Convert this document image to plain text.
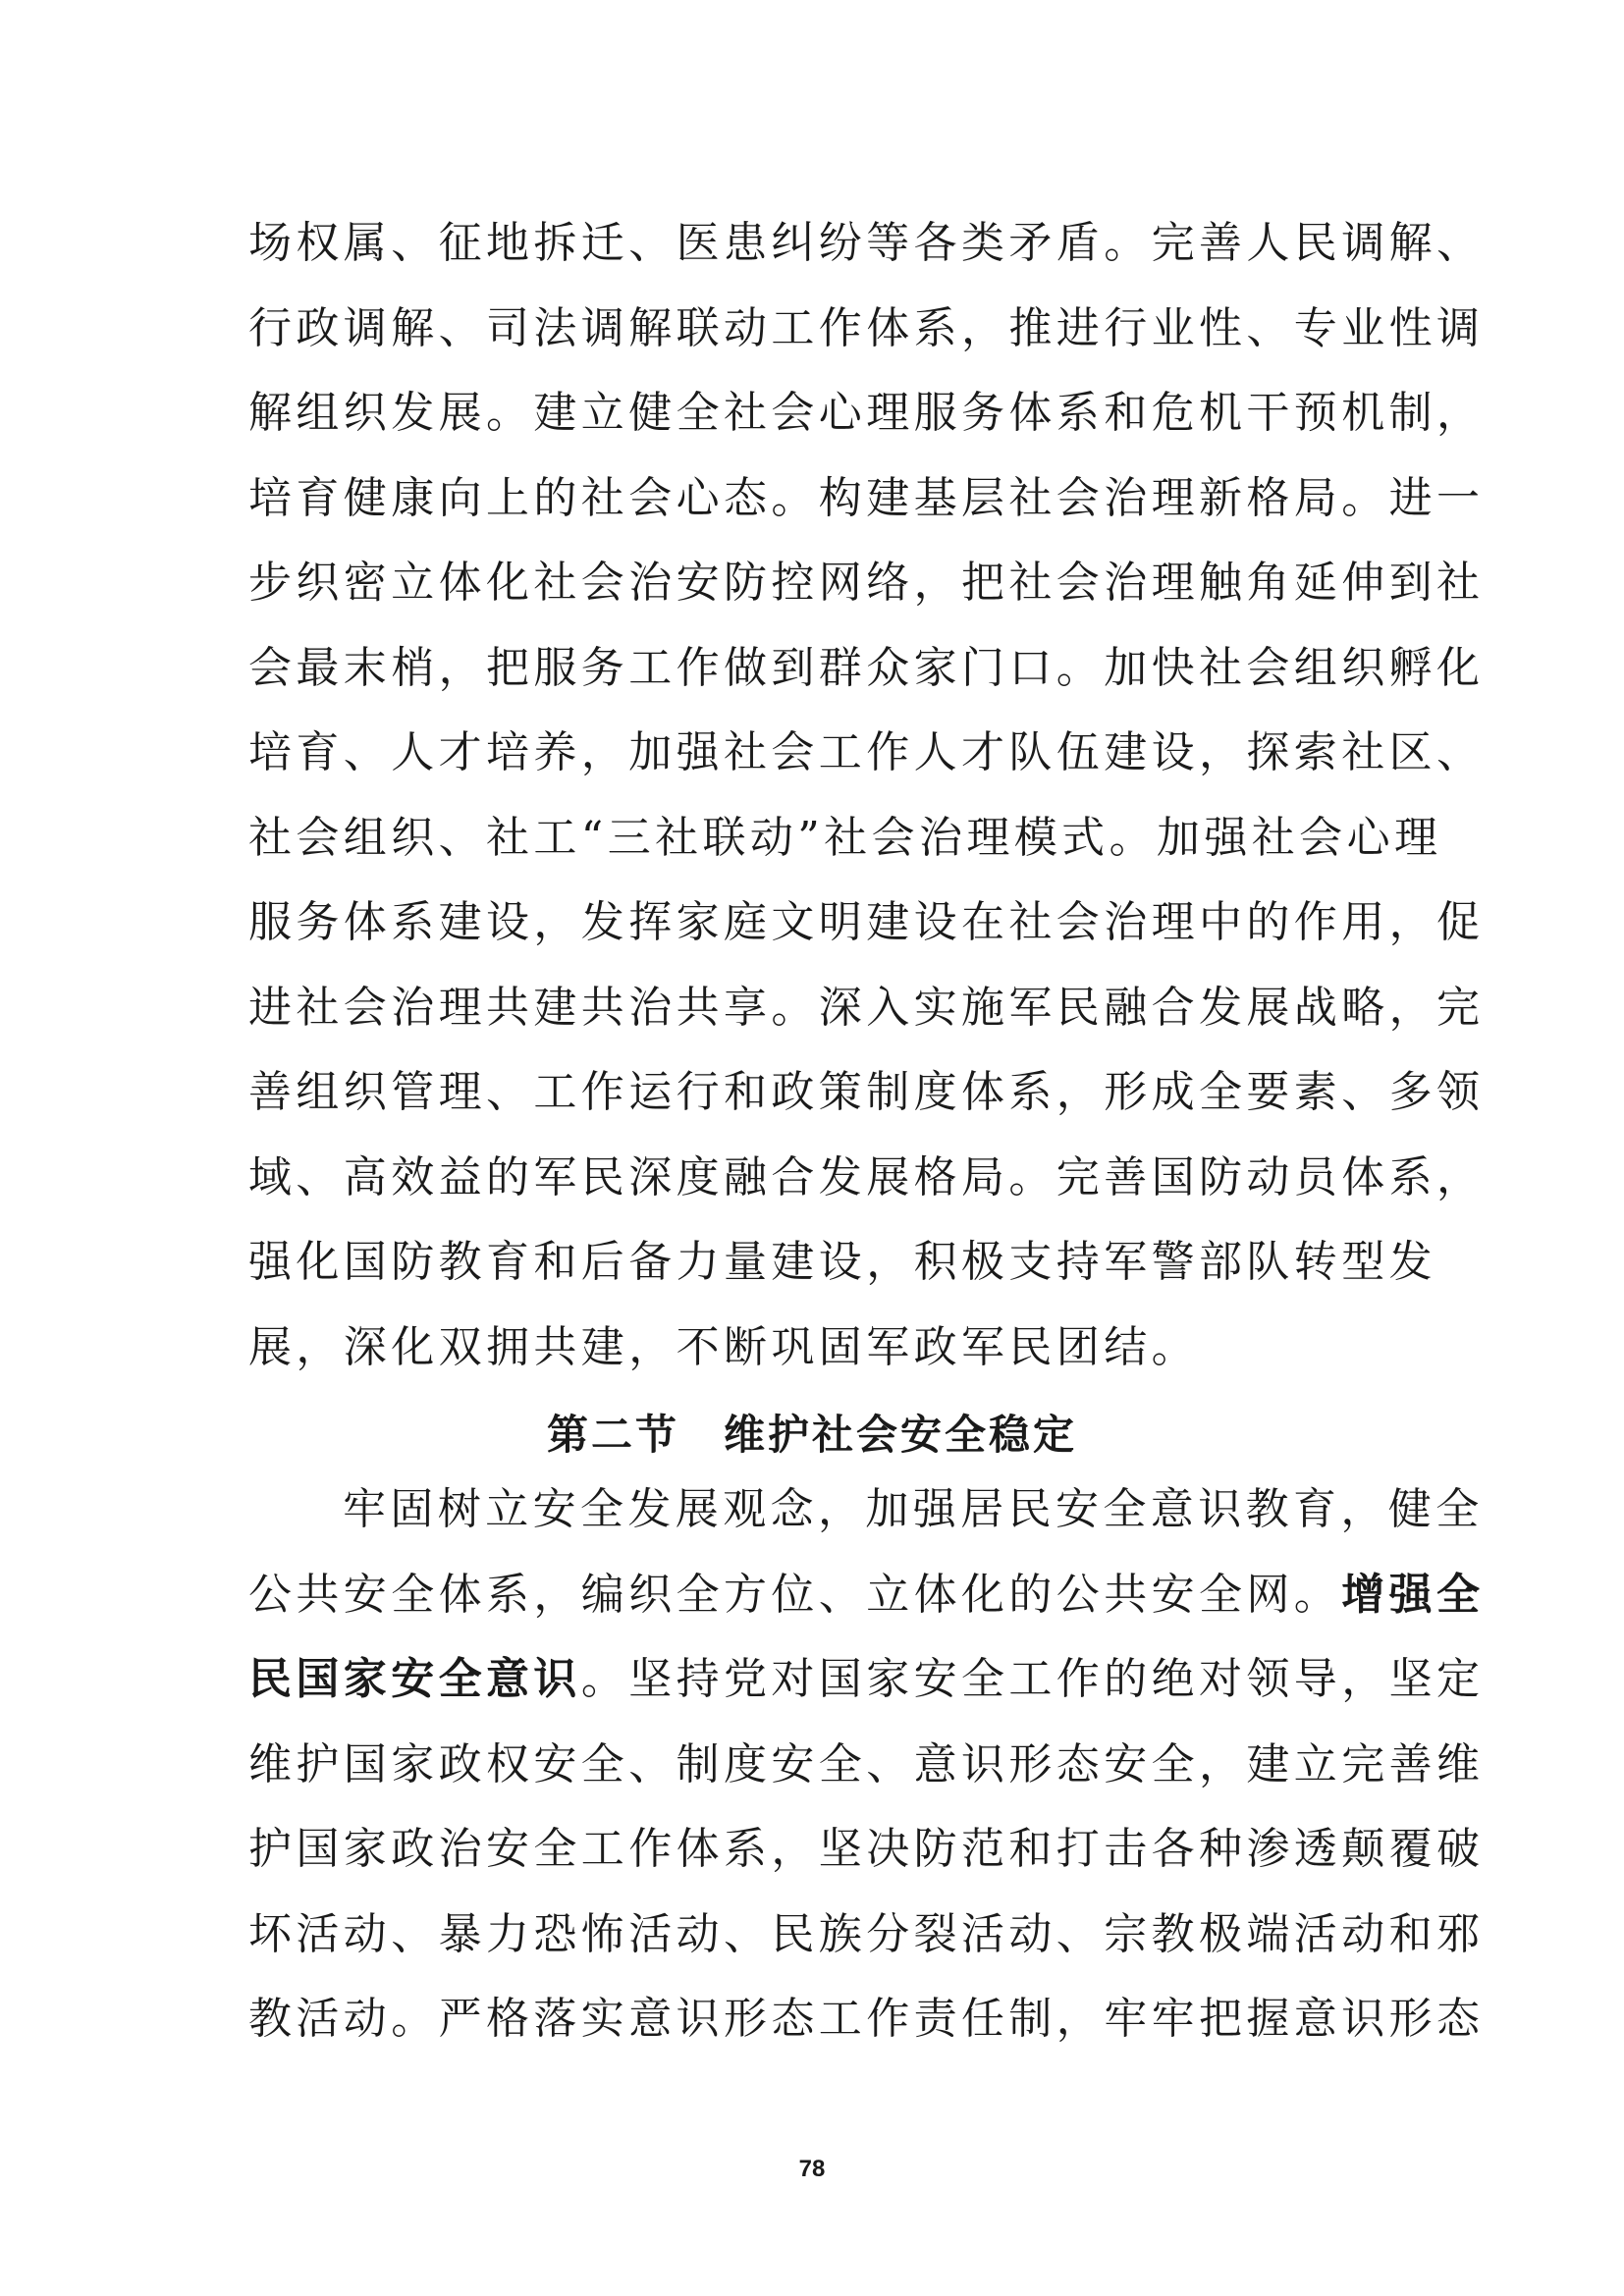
场权属、征地拆迁、医患纠纷等各类矛盾。完善人民调解、
行政调解、司法调解联动工作体系，推进行业性、专业性调
解组织发展。建立健全社会心理服务体系和危机干预机制，
培育健康向上的社会心态。构建基层社会治理新格局。进一
步织密立体化社会治安防控网络，把社会治理触角延伸到社
会最末梢，把服务工作做到群众家门口。加快社会组织孵化
培育、人才培养，加强社会工作人才队伍建设，探索社区、
社会组织、社工“三社联动”社会治理模式。加强社会心理
服务体系建设，发挥家庭文明建设在社会治理中的作用，促
进社会治理共建共治共享。深入实施军民融合发展战略，完
善组织管理、工作运行和政策制度体系，形成全要素、多领
域、高效益的军民深度融合发展格局。完善国防动员体系，
强化国防教育和后备力量建设，积极支持军警部队转型发
展，深化双拥共建，不断巩固军政军民团结。
第二节　维护社会安全稳定
牢固树立安全发展观念，加强居民安全意识教育，健全
公共安全体系，编织全方位、立体化的公共安全网。增强全
民国家安全意识。坚持党对国家安全工作的绝对领导，坚定
维护国家政权安全、制度安全、意识形态安全，建立完善维
护国家政治安全工作体系，坚决防范和打击各种渗透颠覆破
坏活动、暴力恐怖活动、民族分裂活动、宗教极端活动和邪
教活动。严格落实意识形态工作责任制，牢牢把握意识形态
78
